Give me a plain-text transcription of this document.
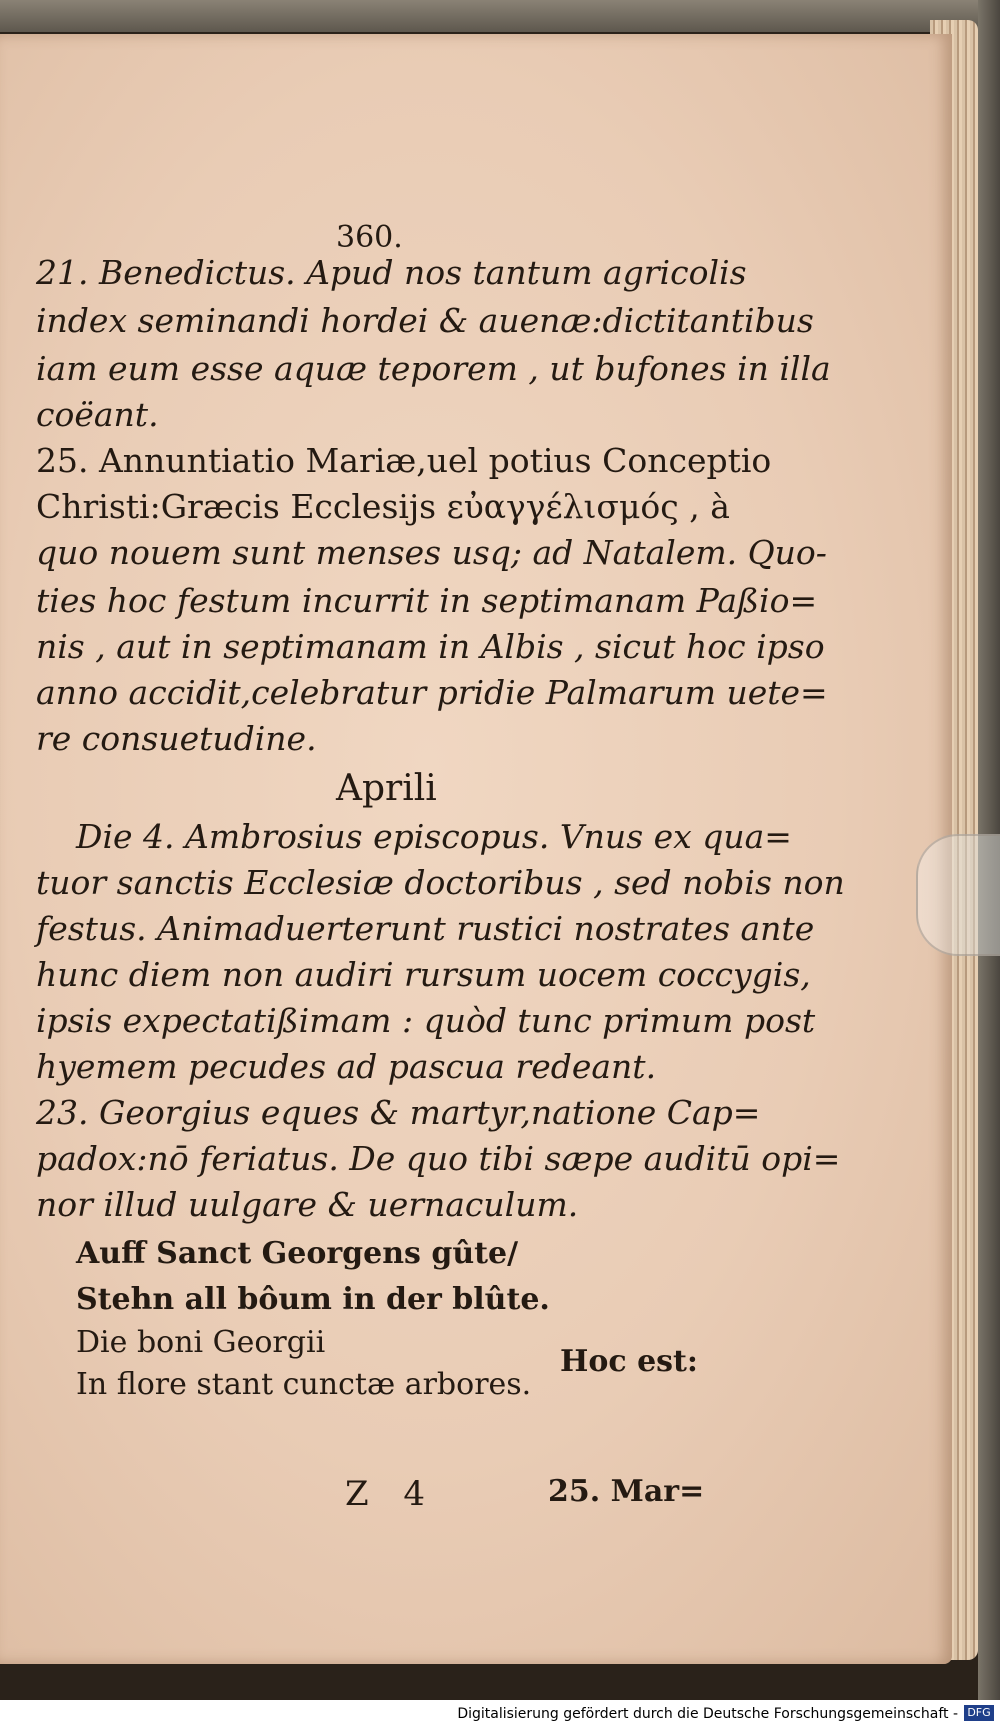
360.
21. Benedictus. Apud nos tantum agricolis
index seminandi hordei & auenæ:dictitantibus
iam eum esse aquæ teporem , ut bufones in illa
coëant.
25. Annuntiatio Mariæ,uel potius Conceptio
Christi:Græcis Ecclesijs εὐαγγέλισμός , à
quo nouem sunt menses usq; ad Natalem. Quo-
ties hoc festum incurrit in septimanam Paßio=
nis , aut in septimanam in Albis , sicut hoc ipso
anno accidit,celebratur pridie Palmarum uete=
re consuetudine.
Aprili
Die 4. Ambrosius episcopus. Vnus ex qua=
tuor sanctis Ecclesiæ doctoribus , sed nobis non
festus. Animaduerterunt rustici nostrates ante
hunc diem non audiri rursum uocem coccygis,
ipsis expectatißimam : quòd tunc primum post
hyemem pecudes ad pascua redeant.
23. Georgius eques & martyr,natione Cap=
padox:nō feriatus. De quo tibi sæpe auditū opi=
nor illud uulgare & uernaculum.
Auff Sanct Georgens gûte/
Stehn all bôum in der blûte.
Die boni Georgii
In flore stant cunctæ arbores.
Hoc est:
Z 4	25. Mar=
Digitalisierung gefördert durch die Deutsche Forschungsgemeinschaft - DFG
